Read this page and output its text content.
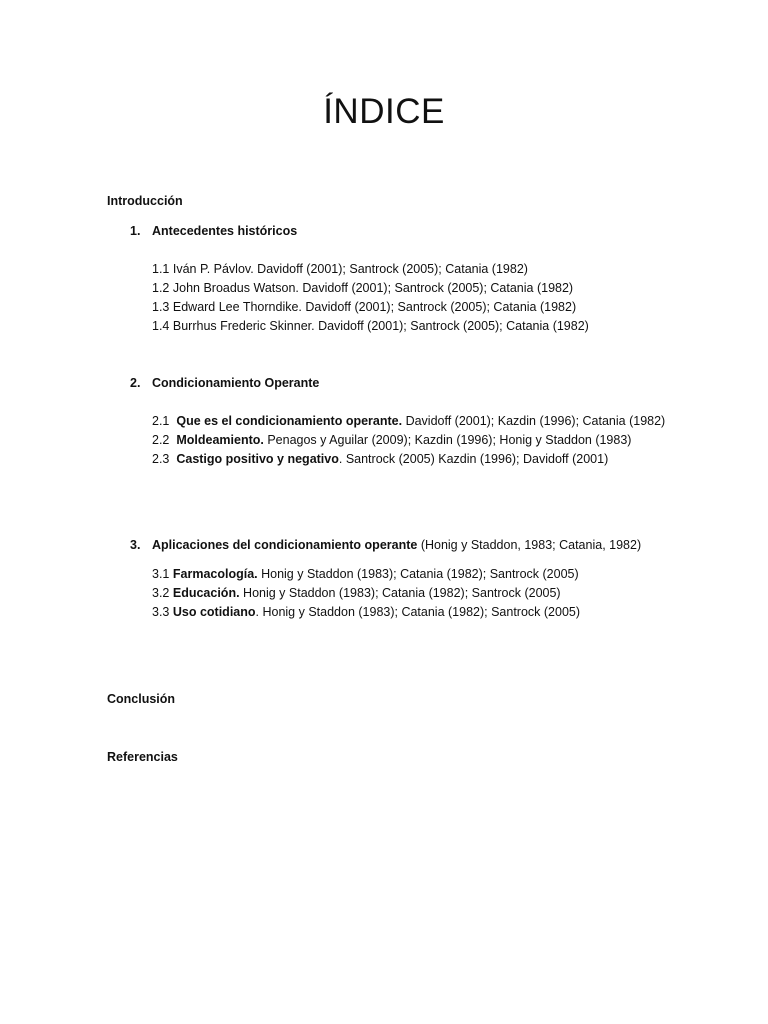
ÍNDICE
Introducción
1. Antecedentes históricos
1.1 Iván P. Pávlov. Davidoff (2001); Santrock (2005); Catania (1982)
1.2 John Broadus Watson. Davidoff (2001); Santrock (2005); Catania (1982)
1.3 Edward Lee Thorndike. Davidoff (2001); Santrock (2005); Catania (1982)
1.4 Burrhus Frederic Skinner. Davidoff (2001); Santrock (2005); Catania (1982)
2. Condicionamiento Operante
2.1 Que es el condicionamiento operante. Davidoff (2001); Kazdin (1996); Catania (1982)
2.2 Moldeamiento. Penagos y Aguilar (2009); Kazdin (1996); Honig y Staddon (1983)
2.3 Castigo positivo y negativo. Santrock (2005) Kazdin (1996); Davidoff (2001)
3. Aplicaciones del condicionamiento operante (Honig y Staddon, 1983; Catania, 1982)
3.1 Farmacología. Honig y Staddon (1983); Catania (1982); Santrock (2005)
3.2 Educación. Honig y Staddon (1983); Catania (1982); Santrock (2005)
3.3 Uso cotidiano. Honig y Staddon (1983); Catania (1982); Santrock (2005)
Conclusión
Referencias
